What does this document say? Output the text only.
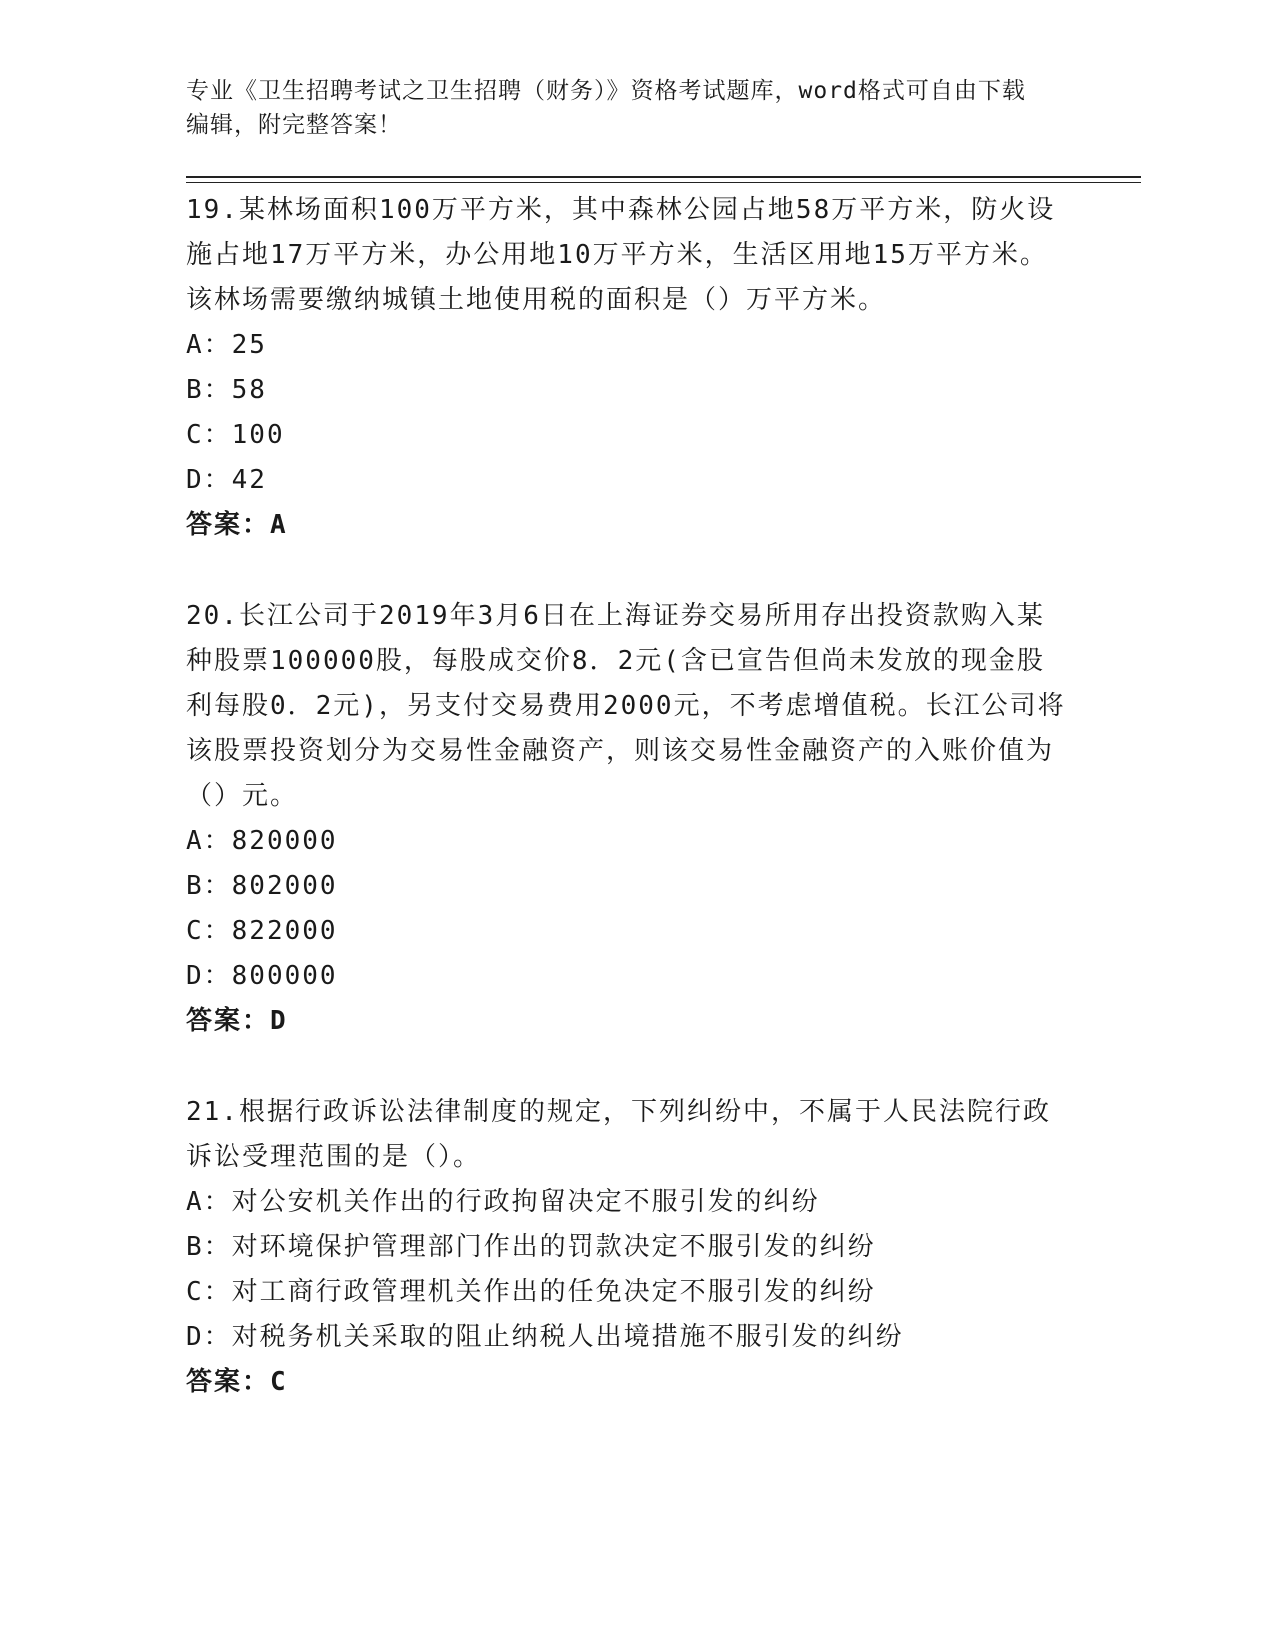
专业《卫生招聘考试之卫生招聘（财务）》资格考试题库，word格式可自由下载
编辑，附完整答案！

19.某林场面积100万平方米，其中森林公园占地58万平方米，防火设施占地17万平方米，办公用地10万平方米，生活区用地15万平方米。该林场需要缴纳城镇土地使用税的面积是（）万平方米。

A：25

B：58

C：100

D：42

答案：A

20.长江公司于2019年3月6日在上海证券交易所用存出投资款购入某种股票100000股，每股成交价8．2元(含已宣告但尚未发放的现金股利每股0．2元)，另支付交易费用2000元，不考虑增值税。长江公司将该股票投资划分为交易性金融资产，则该交易性金融资产的入账价值为（）元。

A：820000

B：802000

C：822000

D：800000

答案：D

21.根据行政诉讼法律制度的规定，下列纠纷中，不属于人民法院行政诉讼受理范围的是（）。

A：对公安机关作出的行政拘留决定不服引发的纠纷

B：对环境保护管理部门作出的罚款决定不服引发的纠纷

C：对工商行政管理机关作出的任免决定不服引发的纠纷

D：对税务机关采取的阻止纳税人出境措施不服引发的纠纷

答案：C
